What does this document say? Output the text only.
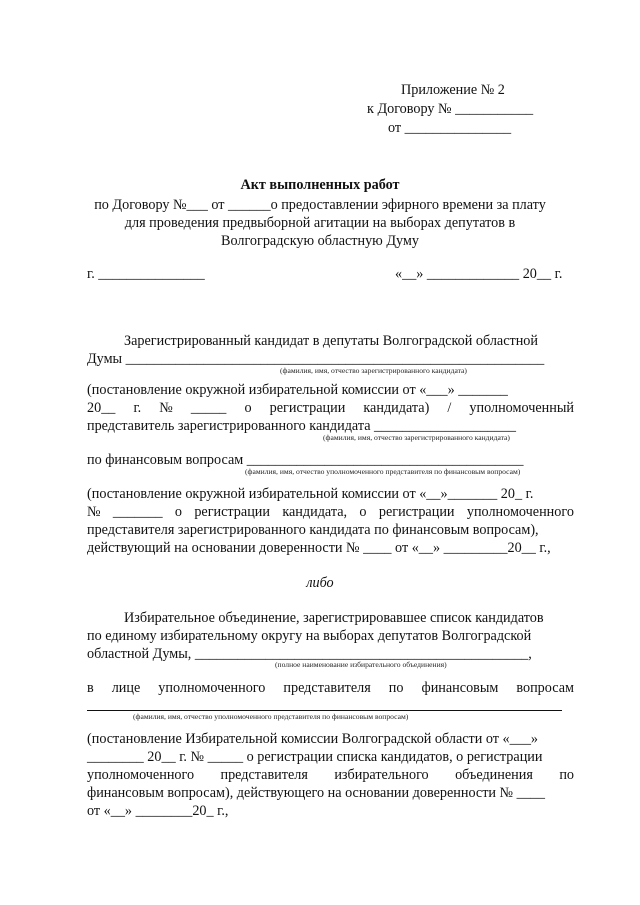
Приложение № 2
к Договору № ___________
от _______________
Акт выполненных работ
по Договору №___ от ______о предоставлении эфирного времени за плату
для проведения предвыборной агитации на выборах депутатов в
Волгоградскую областную Думу
г. _______________	«__» _____________ 20__ г.
Зарегистрированный кандидат в депутаты Волгоградской областной
Думы ___________________________________________________________
(фамилия, имя, отчество зарегистрированного кандидата)
(постановление окружной избирательной комиссии от «___» _______
20__ г. № _____ о регистрации кандидата) / уполномоченный
представитель зарегистрированного кандидата ____________________
(фамилия, имя, отчество зарегистрированного кандидата)
по финансовым вопросам _______________________________________
(фамилия, имя, отчество уполномоченного представителя по финансовым вопросам)
(постановление окружной избирательной комиссии от «__»_______ 20_ г.
№ _______ о регистрации кандидата, о регистрации уполномоченного
представителя зарегистрированного кандидата по финансовым вопросам),
действующий на основании доверенности № ____ от «__» _________20__ г.,
либо
Избирательное объединение, зарегистрировавшее список кандидатов
по единому избирательному округу на выборах депутатов Волгоградской
областной Думы, _______________________________________________,
(полное наименование избирательного объединения)
в лице уполномоченного представителя по финансовым вопросам
(фамилия, имя, отчество уполномоченного представителя по финансовым вопросам)
(постановление Избирательной комиссии Волгоградской области от «___»
________ 20__ г. № _____ о регистрации списка кандидатов, о регистрации
уполномоченного представителя избирательного объединения по
финансовым вопросам), действующего на основании доверенности № ____
от «__» ________20_ г.,
